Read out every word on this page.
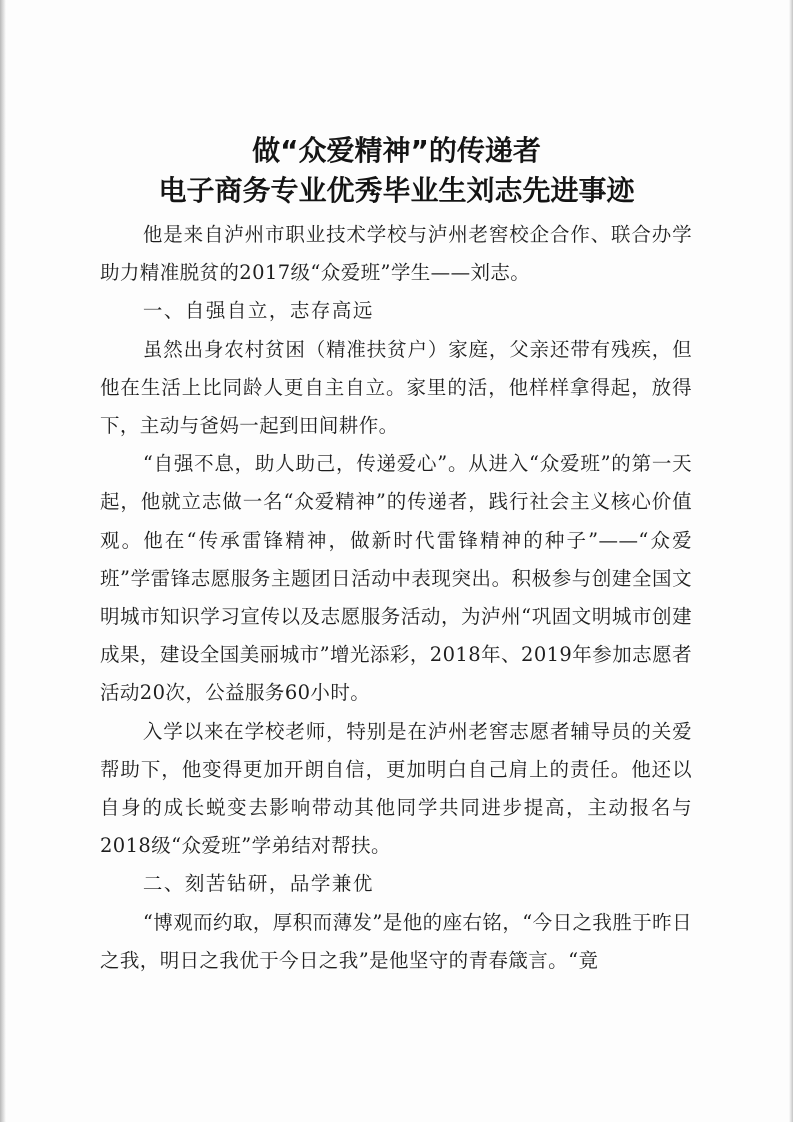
做“众爱精神”的传递者
电子商务专业优秀毕业生刘志先进事迹

他是来自泸州市职业技术学校与泸州老窖校企合作、联合办学助力精准脱贫的2017级“众爱班”学生——刘志。

一、自强自立，志存高远

虽然出身农村贫困（精准扶贫户）家庭，父亲还带有残疾，但他在生活上比同龄人更自主自立。家里的活，他样样拿得起，放得下，主动与爸妈一起到田间耕作。

“自强不息，助人助己，传递爱心”。从进入“众爱班”的第一天起，他就立志做一名“众爱精神”的传递者，践行社会主义核心价值观。他在“传承雷锋精神，做新时代雷锋精神的种子”——“众爱班”学雷锋志愿服务主题团日活动中表现突出。积极参与创建全国文明城市知识学习宣传以及志愿服务活动，为泸州“巩固文明城市创建成果，建设全国美丽城市”增光添彩，2018年、2019年参加志愿者活动20次，公益服务60小时。

入学以来在学校老师，特别是在泸州老窖志愿者辅导员的关爱帮助下，他变得更加开朗自信，更加明白自己肩上的责任。他还以自身的成长蜕变去影响带动其他同学共同进步提高，主动报名与2018级“众爱班”学弟结对帮扶。

二、刻苦钻研，品学兼优

“博观而约取，厚积而薄发”是他的座右铭，“今日之我胜于昨日之我，明日之我优于今日之我”是他坚守的青春箴言。“竟
